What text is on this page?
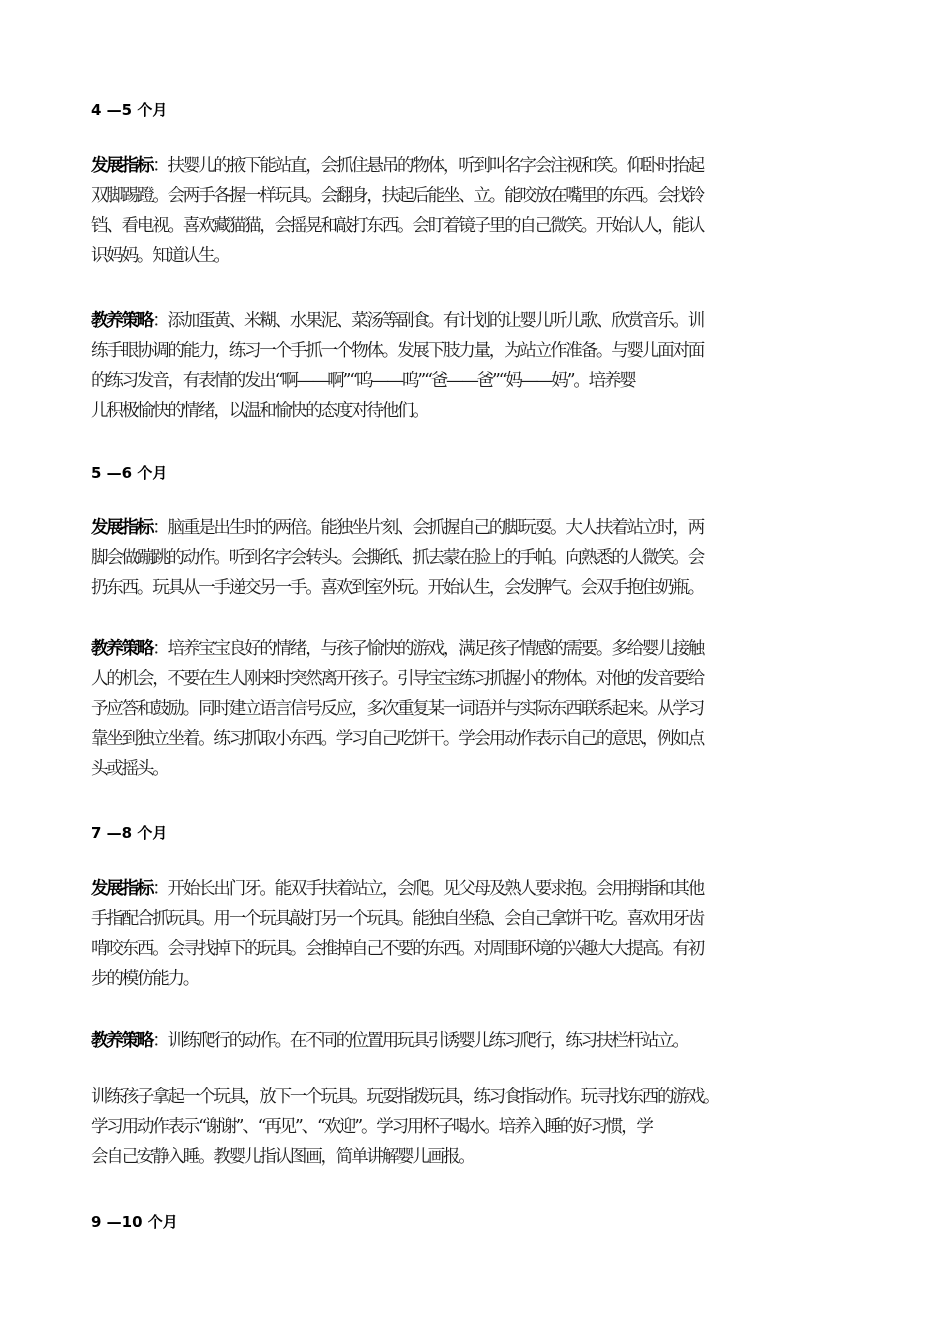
4 —5 个月
发展指标：扶婴儿的掖下能站直，会抓住悬吊的物体，听到叫名字会注视和笑。仰卧时抬起
双脚踢蹬。会两手各握一样玩具。会翻身，扶起后能坐、立。能咬放在嘴里的东西。会找铃
铛、看电视。喜欢藏猫猫，会摇晃和敲打东西。会盯着镜子里的自己微笑。开始认人，能认
识妈妈。知道认生。
教养策略：添加蛋黄、米糊、水果泥、菜汤等副食。有计划的让婴儿听儿歌、欣赏音乐。训
练手眼协调的能力，练习一个手抓一个物体。发展下肢力量，为站立作准备。与婴儿面对面
的练习发音，有表情的发出“啊——啊”“呜——呜”“爸——爸”“妈——妈”。培养婴
儿积极愉快的情绪，以温和愉快的态度对待他们。
5 —6 个月
发展指标：脑重是出生时的两倍。能独坐片刻、会抓握自己的脚玩耍。大人扶着站立时，两
脚会做蹦跳的动作。听到名字会转头。会撕纸、抓去蒙在脸上的手帕。向熟悉的人微笑。会
扔东西。玩具从一手递交另一手。喜欢到室外玩。开始认生，会发脾气。会双手抱住奶瓶。
教养策略：培养宝宝良好的情绪，与孩子愉快的游戏，满足孩子情感的需要。多给婴儿接触
人的机会，不要在生人刚来时突然离开孩子。引导宝宝练习抓握小的物体。对他的发音要给
予应答和鼓励。同时建立语言信号反应，多次重复某一词语并与实际东西联系起来。从学习
靠坐到独立坐着。练习抓取小东西。学习自己吃饼干。学会用动作表示自己的意思，例如点
头或摇头。
7 —8 个月
发展指标：开始长出门牙。能双手扶着站立，会爬。见父母及熟人要求抱。会用拇指和其他
手指配合抓玩具。用一个玩具敲打另一个玩具。能独自坐稳、会自己拿饼干吃。喜欢用牙齿
啃咬东西。会寻找掉下的玩具。会推掉自己不要的东西。对周围环境的兴趣大大提高。有初
步的模仿能力。
教养策略：训练爬行的动作。在不同的位置用玩具引诱婴儿练习爬行，练习扶栏杆站立。
训练孩子拿起一个玩具，放下一个玩具。玩耍指拨玩具，练习食指动作。玩寻找东西的游戏。
学习用动作表示“谢谢”、“再见”、“欢迎”。学习用杯子喝水。培养入睡的好习惯，学
会自己安静入睡。教婴儿指认图画，简单讲解婴儿画报。
9 —10 个月
